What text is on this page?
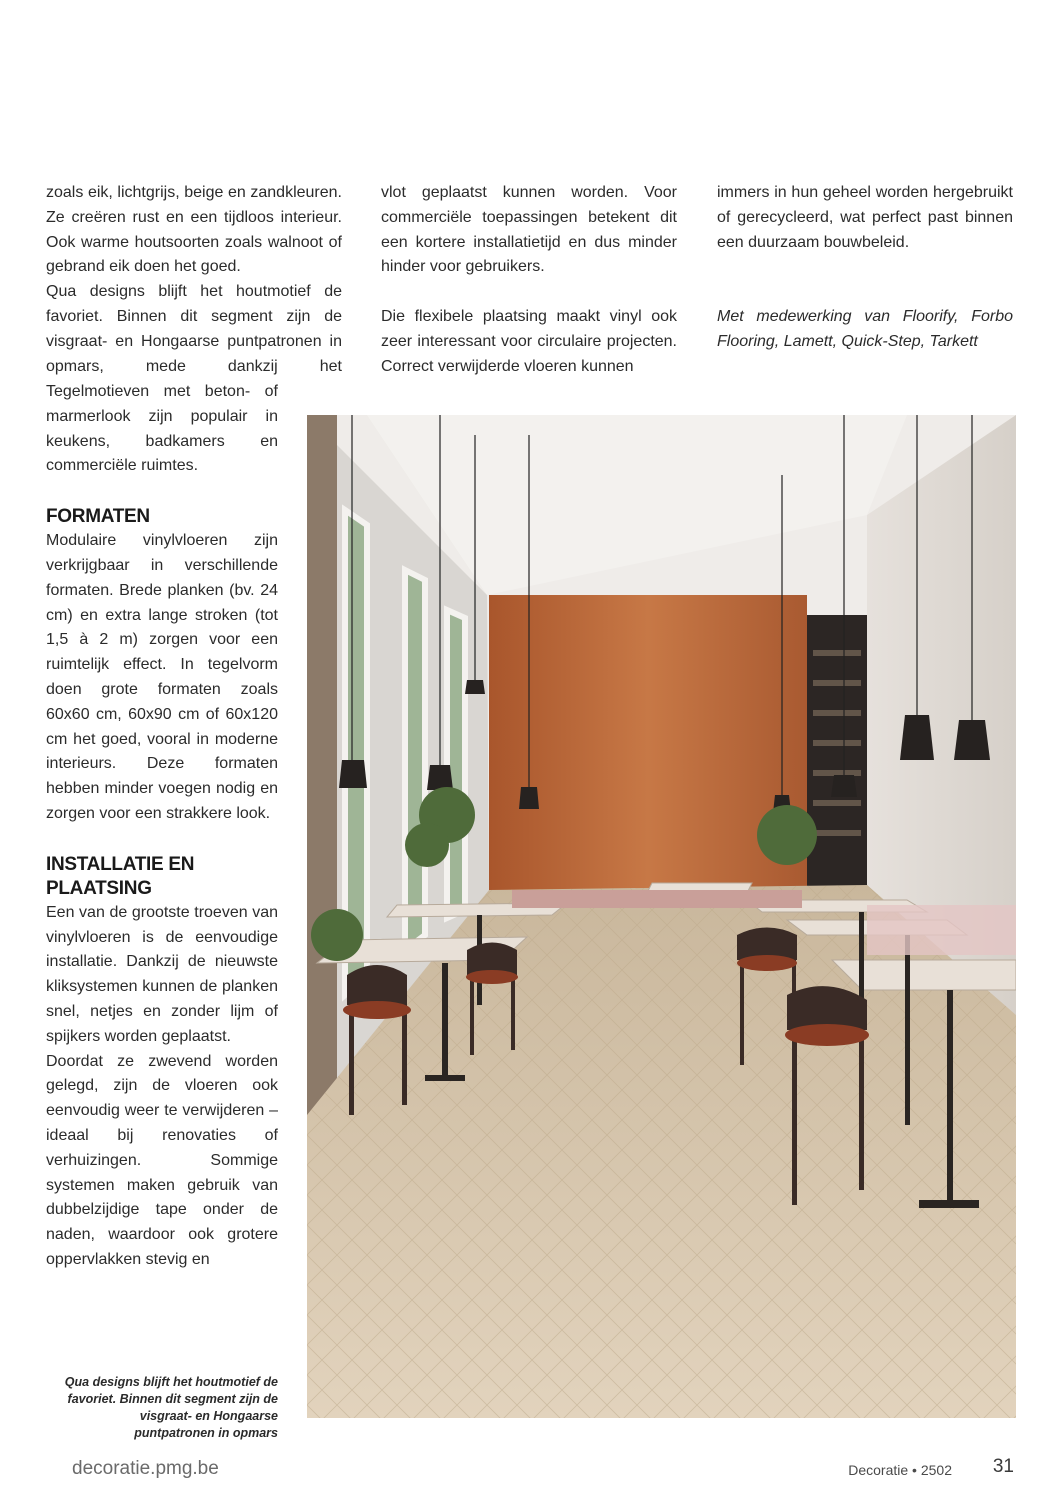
zoals eik, lichtgrijs, beige en zandkleuren. Ze creëren rust en een tijdloos interieur. Ook warme houtsoorten zoals walnoot of gebrand eik doen het goed.

Qua designs blijft het houtmotief de favoriet. Binnen dit segment zijn de visgraat- en Hongaarse puntpatronen in opmars, mede dankzij het

Tegelmotieven met beton- of marmerlook zijn populair in keukens, badkamers en commerciële ruimtes.

FORMATEN

Modulaire vinylvloeren zijn verkrijgbaar in verschillende formaten. Brede planken (bv. 24 cm) en extra lange stroken (tot 1,5 à 2 m) zorgen voor een ruimtelijk effect. In tegelvorm doen grote formaten zoals 60x60 cm, 60x90 cm of 60x120 cm het goed, vooral in moderne interieurs. Deze formaten hebben minder voegen nodig en zorgen voor een strakkere look.

INSTALLATIE EN PLAATSING

Een van de grootste troeven van vinylvloeren is de eenvoudige installatie. Dankzij de nieuwste kliksystemen kunnen de planken snel, netjes en zonder lijm of spijkers worden geplaatst.

Doordat ze zwevend worden gelegd, zijn de vloeren ook eenvoudig weer te verwijderen – ideaal bij renovaties of verhuizingen. Sommige systemen maken gebruik van dubbelzijdige tape onder de naden, waardoor ook grotere oppervlakken stevig en

vlot geplaatst kunnen worden. Voor commerciële toepassingen betekent dit een kortere installatietijd en dus minder hinder voor gebruikers.

Die flexibele plaatsing maakt vinyl ook zeer interessant voor circulaire projecten. Correct verwijderde vloeren kunnen

immers in hun geheel worden hergebruikt of gerecycleerd, wat perfect past binnen een duurzaam bouwbeleid.

Met medewerking van Floorify, Forbo Flooring, Lamett, Quick-Step, Tarkett

Qua designs blijft het houtmotief de favoriet. Binnen dit segment zijn de visgraat- en Hongaarse puntpatronen in opmars
decoratie.pmg.be	Decoratie • 2502 31
